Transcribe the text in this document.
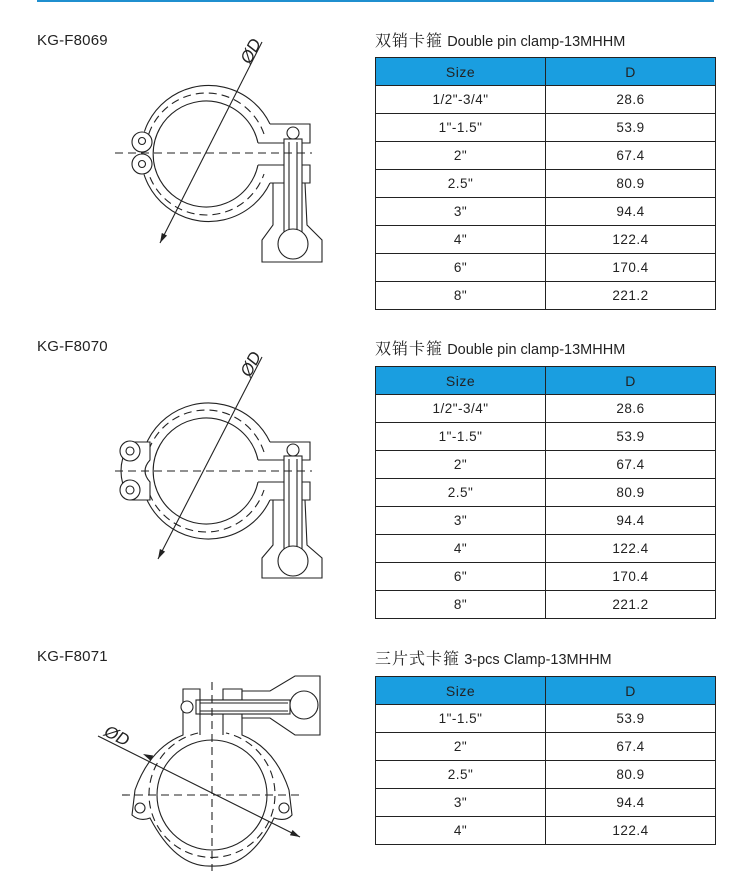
KG-F8069	双销卡箍 Double pin clamp-13MHHM
Size	D
1/2"-3/4"	28.6
1"-1.5"	53.9
2"	67.4
2.5"	80.9
3"	94.4
4"	122.4
6"	170.4
8"	221.2
KG-F8070	双销卡箍 Double pin clamp-13MHHM
Size	D
1/2"-3/4"	28.6
1"-1.5"	53.9
2"	67.4
2.5"	80.9
3"	94.4
4"	122.4
6"	170.4
8"	221.2
KG-F8071	三片式卡箍 3-pcs Clamp-13MHHM
Size	D
1"-1.5"	53.9
2"	67.4
2.5"	80.9
3"	94.4
4"	122.4
ØD
ØD
ØD
